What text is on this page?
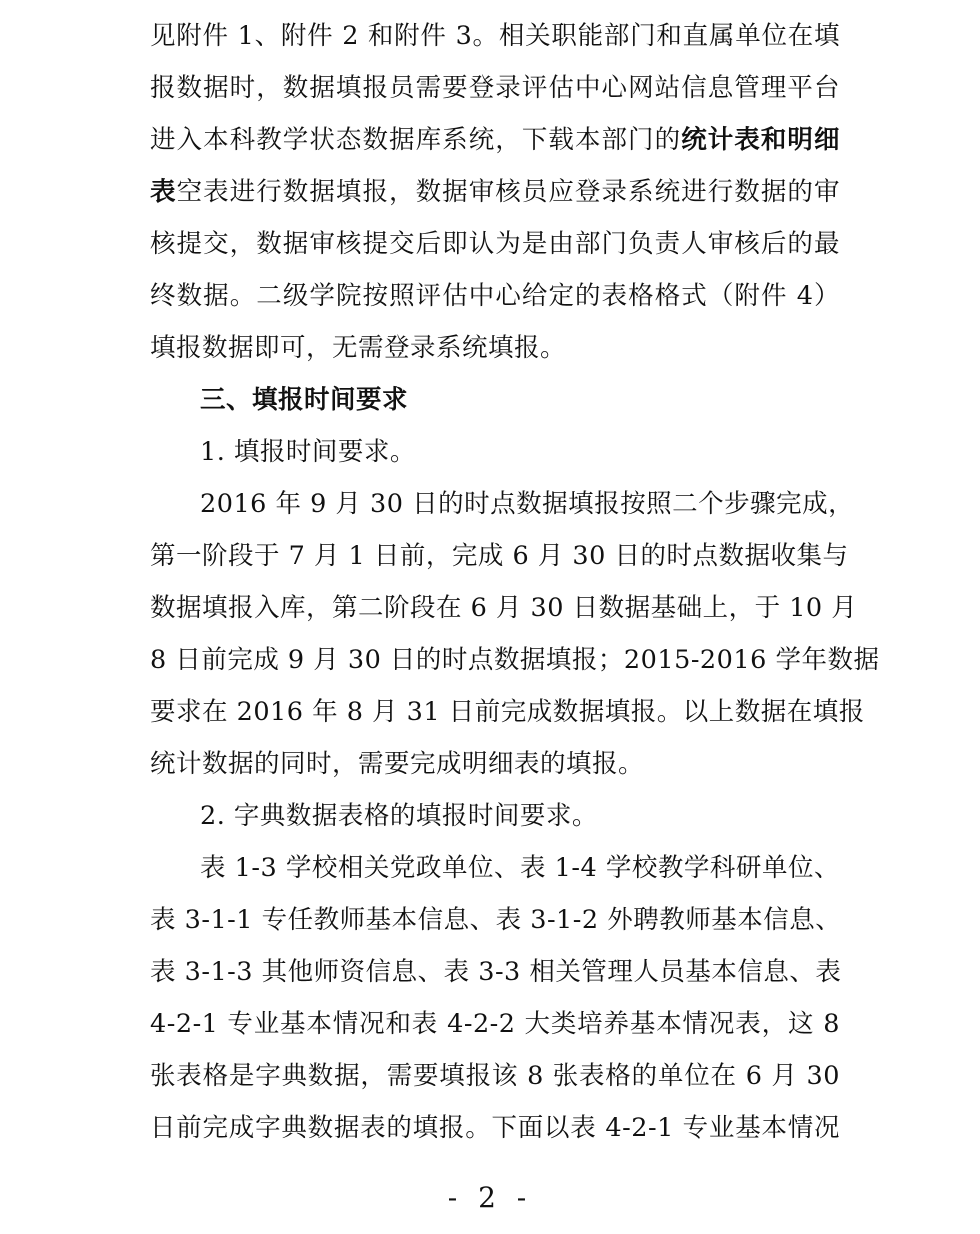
见附件 1、附件 2 和附件 3。相关职能部门和直属单位在填
报数据时，数据填报员需要登录评估中心网站信息管理平台
进入本科教学状态数据库系统，下载本部门的统计表和明细
表空表进行数据填报，数据审核员应登录系统进行数据的审
核提交，数据审核提交后即认为是由部门负责人审核后的最
终数据。二级学院按照评估中心给定的表格格式（附件 4）
填报数据即可，无需登录系统填报。
三、填报时间要求
1. 填报时间要求。
2016 年 9 月 30 日的时点数据填报按照二个步骤完成，
第一阶段于 7 月 1 日前，完成 6 月 30 日的时点数据收集与
数据填报入库，第二阶段在 6 月 30 日数据基础上，于 10 月
8 日前完成 9 月 30 日的时点数据填报；2015-2016 学年数据
要求在 2016 年 8 月 31 日前完成数据填报。以上数据在填报
统计数据的同时，需要完成明细表的填报。
2. 字典数据表格的填报时间要求。
表 1-3 学校相关党政单位、表 1-4 学校教学科研单位、
表 3-1-1 专任教师基本信息、表 3-1-2 外聘教师基本信息、
表 3-1-3 其他师资信息、表 3-3 相关管理人员基本信息、表
4-2-1 专业基本情况和表 4-2-2 大类培养基本情况表，这 8
张表格是字典数据，需要填报该 8 张表格的单位在 6 月 30
日前完成字典数据表的填报。下面以表 4-2-1 专业基本情况
- 2 -
